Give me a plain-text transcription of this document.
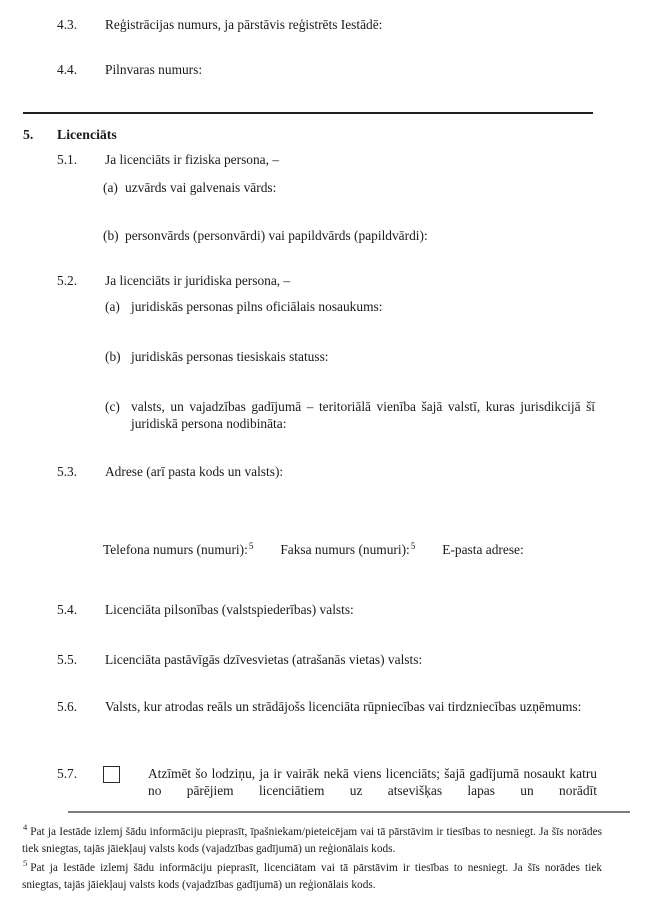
4.3. Reģistrācijas numurs, ja pārstāvis reģistrēts Iestādē:
4.4. Pilnvaras numurs:
5. Licenciāts
5.1. Ja licenciāts ir fiziska persona, –
(a) uzvārds vai galvenais vārds:
(b) personvārds (personvārdi) vai papildvārds (papildvārdi):
5.2. Ja licenciāts ir juridiska persona, –
(a) juridiskās personas pilns oficiālais nosaukums:
(b) juridiskās personas tiesiskais statuss:
(c) valsts, un vajadzības gadījumā – teritoriālā vienība šajā valstī, kuras jurisdikcijā šī juridiskā persona nodibināta:
5.3. Adrese (arī pasta kods un valsts):
Telefona numurs (numuri):$^5$ Faksa numurs (numuri):$^5$ E-pasta adrese:
5.4. Licenciāta pilsonības (valstspiederības) valsts:
5.5. Licenciāta pastāvīgās dzīvesvietas (atrašanās vietas) valsts:
5.6. Valsts, kur atrodas reāls un strādājošs licenciāta rūpniecības vai tirdzniecības uzņēmums:
5.7.	Atzīmēt šo lodziņu, ja ir vairāk nekā viens licenciāts; šajā gadījumā nosaukt katru no pārējiem licenciātiem uz atsevišķas lapas un norādīt
$^4$ Pat ja Iestāde izlemj šādu informāciju pieprasīt, īpašniekam/pieteicējam vai tā pārstāvim ir tiesības to nesniegt. Ja šīs norādes tiek sniegtas, tajās jāiekļauj valsts kods (vajadzības gadījumā) un reģionālais kods.
$^5$ Pat ja Iestāde izlemj šādu informāciju pieprasīt, licenciātam vai tā pārstāvim ir tiesības to nesniegt. Ja šīs norādes tiek sniegtas, tajās jāiekļauj valsts kods (vajadzības gadījumā) un reģionālais kods.
